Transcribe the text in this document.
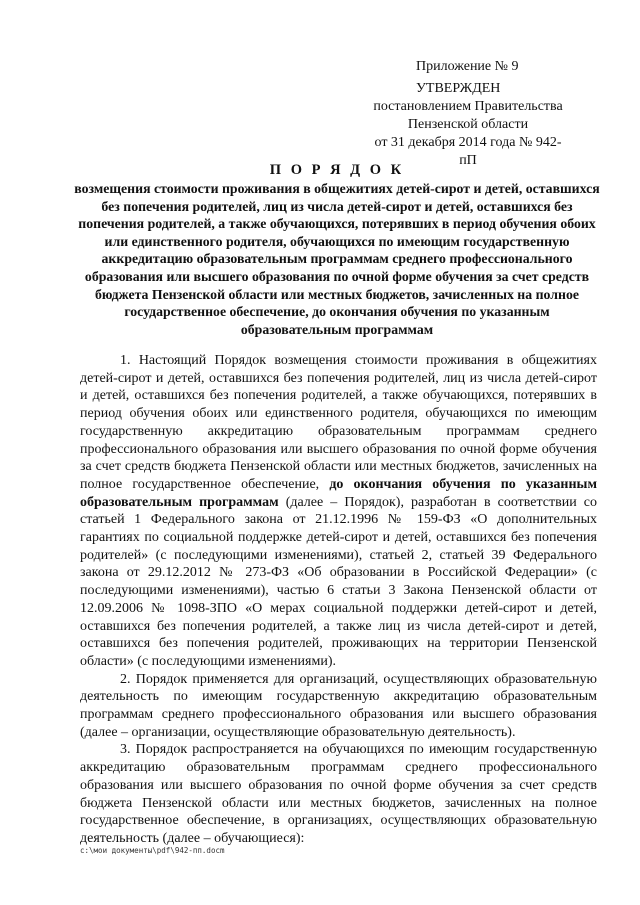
Приложение № 9
УТВЕРЖДЕН
постановлением Правительства
Пензенской области
от 31 декабря 2014 года № 942-пП
П О Р Я Д О К
возмещения стоимости проживания в общежитиях детей-сирот и детей, оставшихся без попечения родителей, лиц из числа детей-сирот и детей, оставшихся без попечения родителей, а также обучающихся, потерявших в период обучения обоих или единственного родителя, обучающихся по имеющим государственную аккредитацию образовательным программам среднего профессионального образования или высшего образования по очной форме обучения за счет средств бюджета Пензенской области или местных бюджетов, зачисленных на полное государственное обеспечение, до окончания обучения по указанным образовательным программам

1. Настоящий Порядок возмещения стоимости проживания в общежитиях детей-сирот и детей, оставшихся без попечения родителей, лиц из числа детей-сирот и детей, оставшихся без попечения родителей, а также обучающихся, потерявших в период обучения обоих или единственного родителя, обучающихся по имеющим государственную аккредитацию образовательным программам среднего профессионального образования или высшего образования по очной форме обучения за счет средств бюджета Пензенской области или местных бюджетов, зачисленных на полное государственное обеспечение, до окончания обучения по указанным образовательным программам (далее – Порядок), разработан в соответствии со статьей 1 Федерального закона от 21.12.1996 № 159-ФЗ «О дополнительных гарантиях по социальной поддержке детей-сирот и детей, оставшихся без попечения родителей» (с последующими изменениями), статьей 2, статьей 39 Федерального закона от 29.12.2012 № 273-ФЗ «Об образовании в Российской Федерации» (с последующими изменениями), частью 6 статьи 3 Закона Пензенской области от 12.09.2006 № 1098-ЗПО «О мерах социальной поддержки детей-сирот и детей, оставшихся без попечения родителей, а также лиц из числа детей-сирот и детей, оставшихся без попечения родителей, проживающих на территории Пензенской области» (с последующими изменениями).

2. Порядок применяется для организаций, осуществляющих образовательную деятельность по имеющим государственную аккредитацию образовательным программам среднего профессионального образования или высшего образования (далее – организации, осуществляющие образовательную деятельность).

3. Порядок распространяется на обучающихся по имеющим государственную аккредитацию образовательным программам среднего профессионального образования или высшего образования по очной форме обучения за счет средств бюджета Пензенской области или местных бюджетов, зачисленных на полное государственное обеспечение, в организациях, осуществляющих образовательную деятельность (далее – обучающиеся):

c:\мои документы\pdf\942-пп.docm
